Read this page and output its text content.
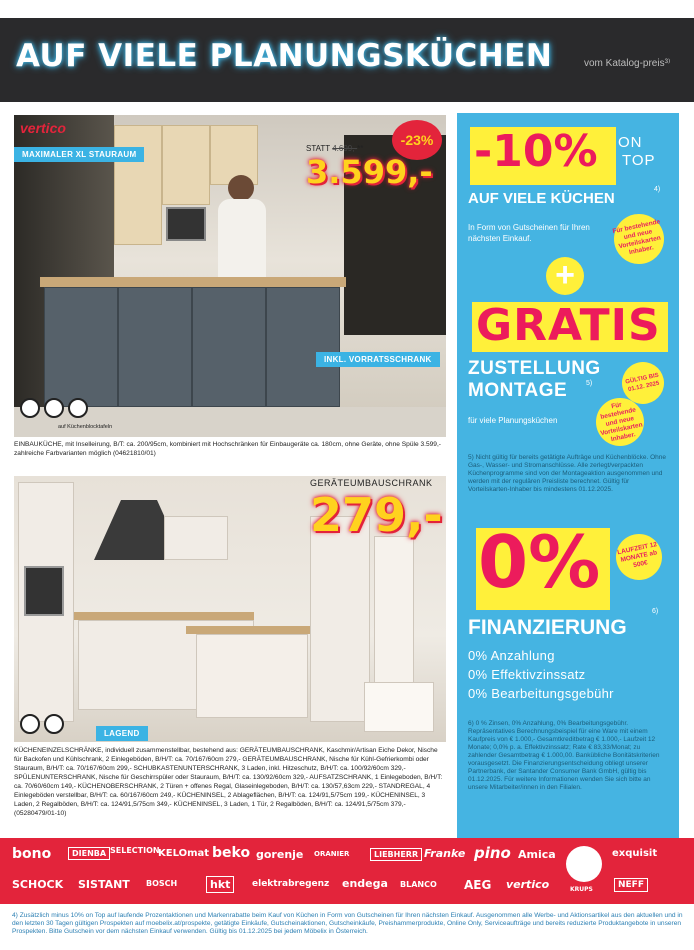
AUF VIELE PLANUNGSKÜCHEN	vom Katalog-preis³⁾
vertico
MAXIMALER XL STAURAUM
STATT 4.699,-**
-23%
3.599,-
INKL. VORRATSSCHRANK
auf Küchenblocktafeln
EINBAUKÜCHE, mit Inselleirung, B/T: ca. 200/95cm, kombiniert mit Hochschränken für Einbaugeräte ca. 180cm, ohne Geräte, ohne Spüle 3.599,- zahlreiche Farbvarianten möglich (04621810/01)
GERÄTEUMBAUSCHRANK
279,-
LAGEND
KÜCHENEINZELSCHRÄNKE, individuell zusammenstellbar, bestehend aus: GERÄTEUMBAUSCHRANK, Kaschmir/Artisan Eiche Dekor, Nische für Backofen und Kühlschrank, 2 Einlegeböden, B/H/T: ca. 70/167/60cm 279,- GERÄTEUMBAUSCHRANK, Nische für Kühl-Gefrierkombi oder Stauraum, B/H/T: ca. 70/167/60cm 299,- SCHUBKASTENUNTERSCHRANK, 3 Laden, inkl. Hitzeschutz, B/H/T: ca. 100/92/60cm 329,- SPÜLENUNTERSCHRANK, Nische für Geschirrspüler oder Stauraum, B/H/T: ca. 130/92/60cm 329,- AUFSATZSCHRANK, 1 Einlegeboden, B/H/T: ca. 70/60/60cm 149,- KÜCHENOBERSCHRANK, 2 Türen + offenes Regal, Glaseinlegeboden, B/H/T: ca. 130/57,63cm 229,- STANDREGAL, 4 Einlegeböden verstellbar, B/H/T: ca. 60/167/60cm 249,- KÜCHENINSEL, 2 Ablageflächen, B/H/T: ca. 124/91,5/75cm 199,- KÜCHENINSEL, 3 Laden, 2 Regalböden, B/H/T: ca. 124/91,5/75cm 349,- KÜCHENINSEL, 3 Laden, 1 Tür, 2 Regalböden, B/H/T: ca. 124/91,5/75cm 379,- (05280479/01-10)
-10% ON
TOP
AUF VIELE KÜCHEN
4)
In Form von Gutscheinen für Ihren nächsten Einkauf.
Für bestehende und neue Vorteilskarten Inhaber.
+
GRATIS
ZUSTELLUNG
MONTAGE	5)	GÜLTIG BIS 01.12. 2025
Für bestehende und neue Vorteilskarten Inhaber.
für viele Planungsküchen
5) Nicht gültig für bereits getätigte Aufträge und Küchenblöcke. Ohne Gas-, Wasser- und Stromanschlüsse. Alle zerlegt/verpackten Küchenprogramme sind von der Montageaktion ausgenommen und werden mit der regulären Preisliste berechnet. Gültig für Vorteilskarten-Inhaber bis mindestens 01.12.2025.
0%	LAUFZEIT 12 MONATE ab 500€
FINANZIERUNG
6)
0% Anzahlung
0% Effektivzinssatz
0% Bearbeitungsgebühr
6) 0 % Zinsen, 0% Anzahlung, 0% Bearbeitungsgebühr. Repräsentatives Berechnungsbeispiel für eine Ware mit einem Kaufpreis von € 1.000,- Gesamtkreditbetrag € 1.000,- Laufzeit 12 Monate; 0,0% p. a. Effektivzinssatz; Rate € 83,33/Monat; zu zahlender Gesamtbetrag € 1.000,00. Bankübliche Bonitätskriterien vorausgesetzt. Die Finanzierungsentscheidung obliegt unserer Partnerbank, der Santander Consumer Bank GmbH, gültig bis 01.12.2025. Für weitere Informationen wenden Sie sich bitte an unsere Mitarbeiter/innen in den Filialen.
bono	DIENBA SELECTION
KELOmat beko gorenje ORANIER	LIEBHERR Franke pino Amica	exquisit
SCHOCK SISTANT BOSCH	hkt	elektrabregenz endega BLANCO AEG vertico	KRUPS	NEFF
4) Zusätzlich minus 10% on Top auf laufende Prozentaktionen und Markenrabatte beim Kauf von Küchen in Form von Gutscheinen für Ihren nächsten Einkauf. Ausgenommen alle Werbe- und Aktionsartikel aus den aktuellen und in den letzten 30 Tagen gültigen Prospekten auf moebelix.at/prospekte, getätigte Einkäufe, Gutscheinaktionen, Gutscheinkäufe, Preishammerprodukte, Online Only, Serviceaufträge und bereits reduzierte Produktangebote in unseren Prospekten. Bitte Gutschein vor dem nächsten Einkauf verwenden. Gültig bis 01.12.2025 bei jedem Möbelix in Österreich.
